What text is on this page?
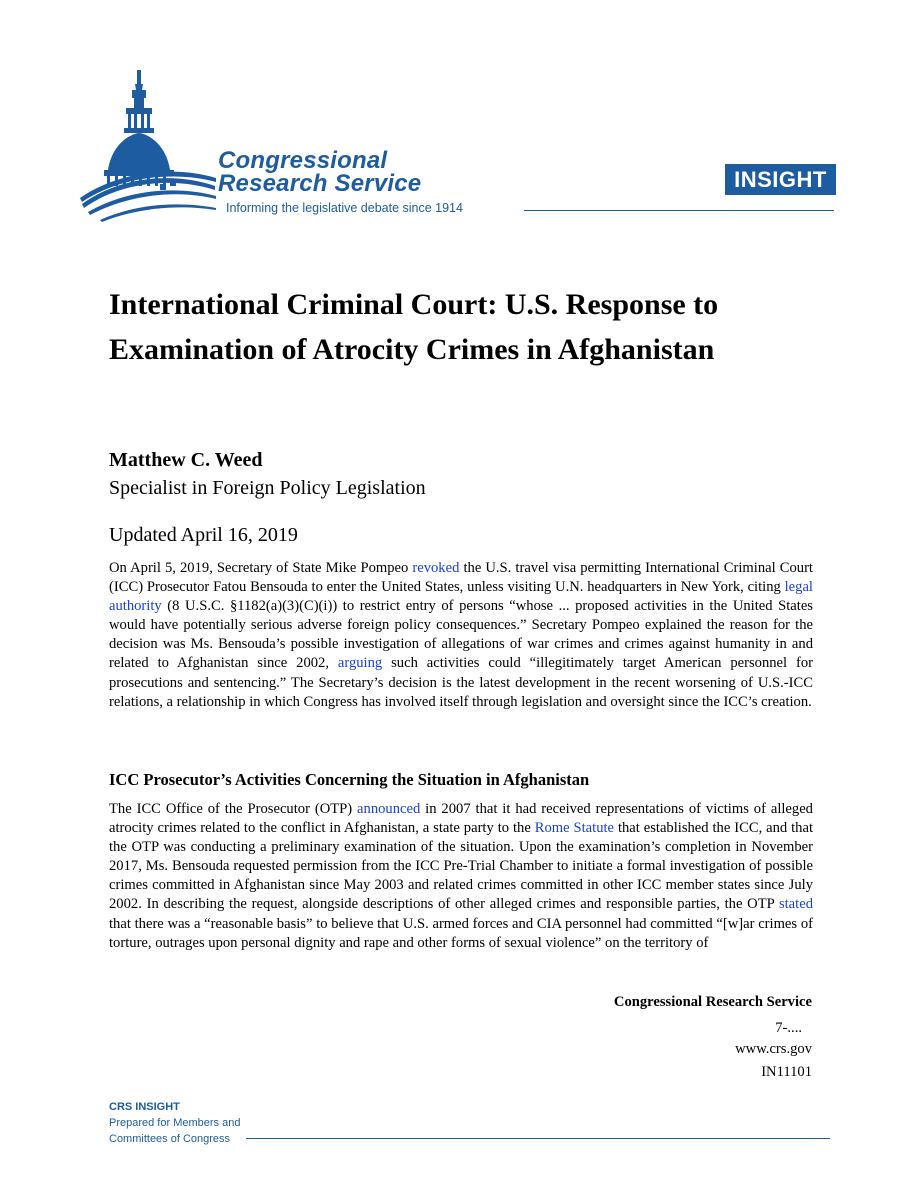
Congressional
Research Service
Informing the legislative debate since 1914
INSIGHT
International Criminal Court: U.S. Response to Examination of Atrocity Crimes in Afghanistan
Matthew C. Weed
Specialist in Foreign Policy Legislation
Updated April 16, 2019

On April 5, 2019, Secretary of State Mike Pompeo revoked the U.S. travel visa permitting International Criminal Court (ICC) Prosecutor Fatou Bensouda to enter the United States, unless visiting U.N. headquarters in New York, citing legal authority (8 U.S.C. §1182(a)(3)(C)(i)) to restrict entry of persons “whose ... proposed activities in the United States would have potentially serious adverse foreign policy consequences.” Secretary Pompeo explained the reason for the decision was Ms. Bensouda’s possible investigation of allegations of war crimes and crimes against humanity in and related to Afghanistan since 2002, arguing such activities could “illegitimately target American personnel for prosecutions and sentencing.” The Secretary’s decision is the latest development in the recent worsening of U.S.-ICC relations, a relationship in which Congress has involved itself through legislation and oversight since the ICC’s creation.

ICC Prosecutor’s Activities Concerning the Situation in Afghanistan

The ICC Office of the Prosecutor (OTP) announced in 2007 that it had received representations of victims of alleged atrocity crimes related to the conflict in Afghanistan, a state party to the Rome Statute that established the ICC, and that the OTP was conducting a preliminary examination of the situation. Upon the examination’s completion in November 2017, Ms. Bensouda requested permission from the ICC Pre-Trial Chamber to initiate a formal investigation of possible crimes committed in Afghanistan since May 2003 and related crimes committed in other ICC member states since July 2002. In describing the request, alongside descriptions of other alleged crimes and responsible parties, the OTP stated that there was a “reasonable basis” to believe that U.S. armed forces and CIA personnel had committed “[w]ar crimes of torture, outrages upon personal dignity and rape and other forms of sexual violence” on the territory of

Congressional Research Service
7-....
www.crs.gov
IN11101
CRS INSIGHT
Prepared for Members and
Committees of Congress
